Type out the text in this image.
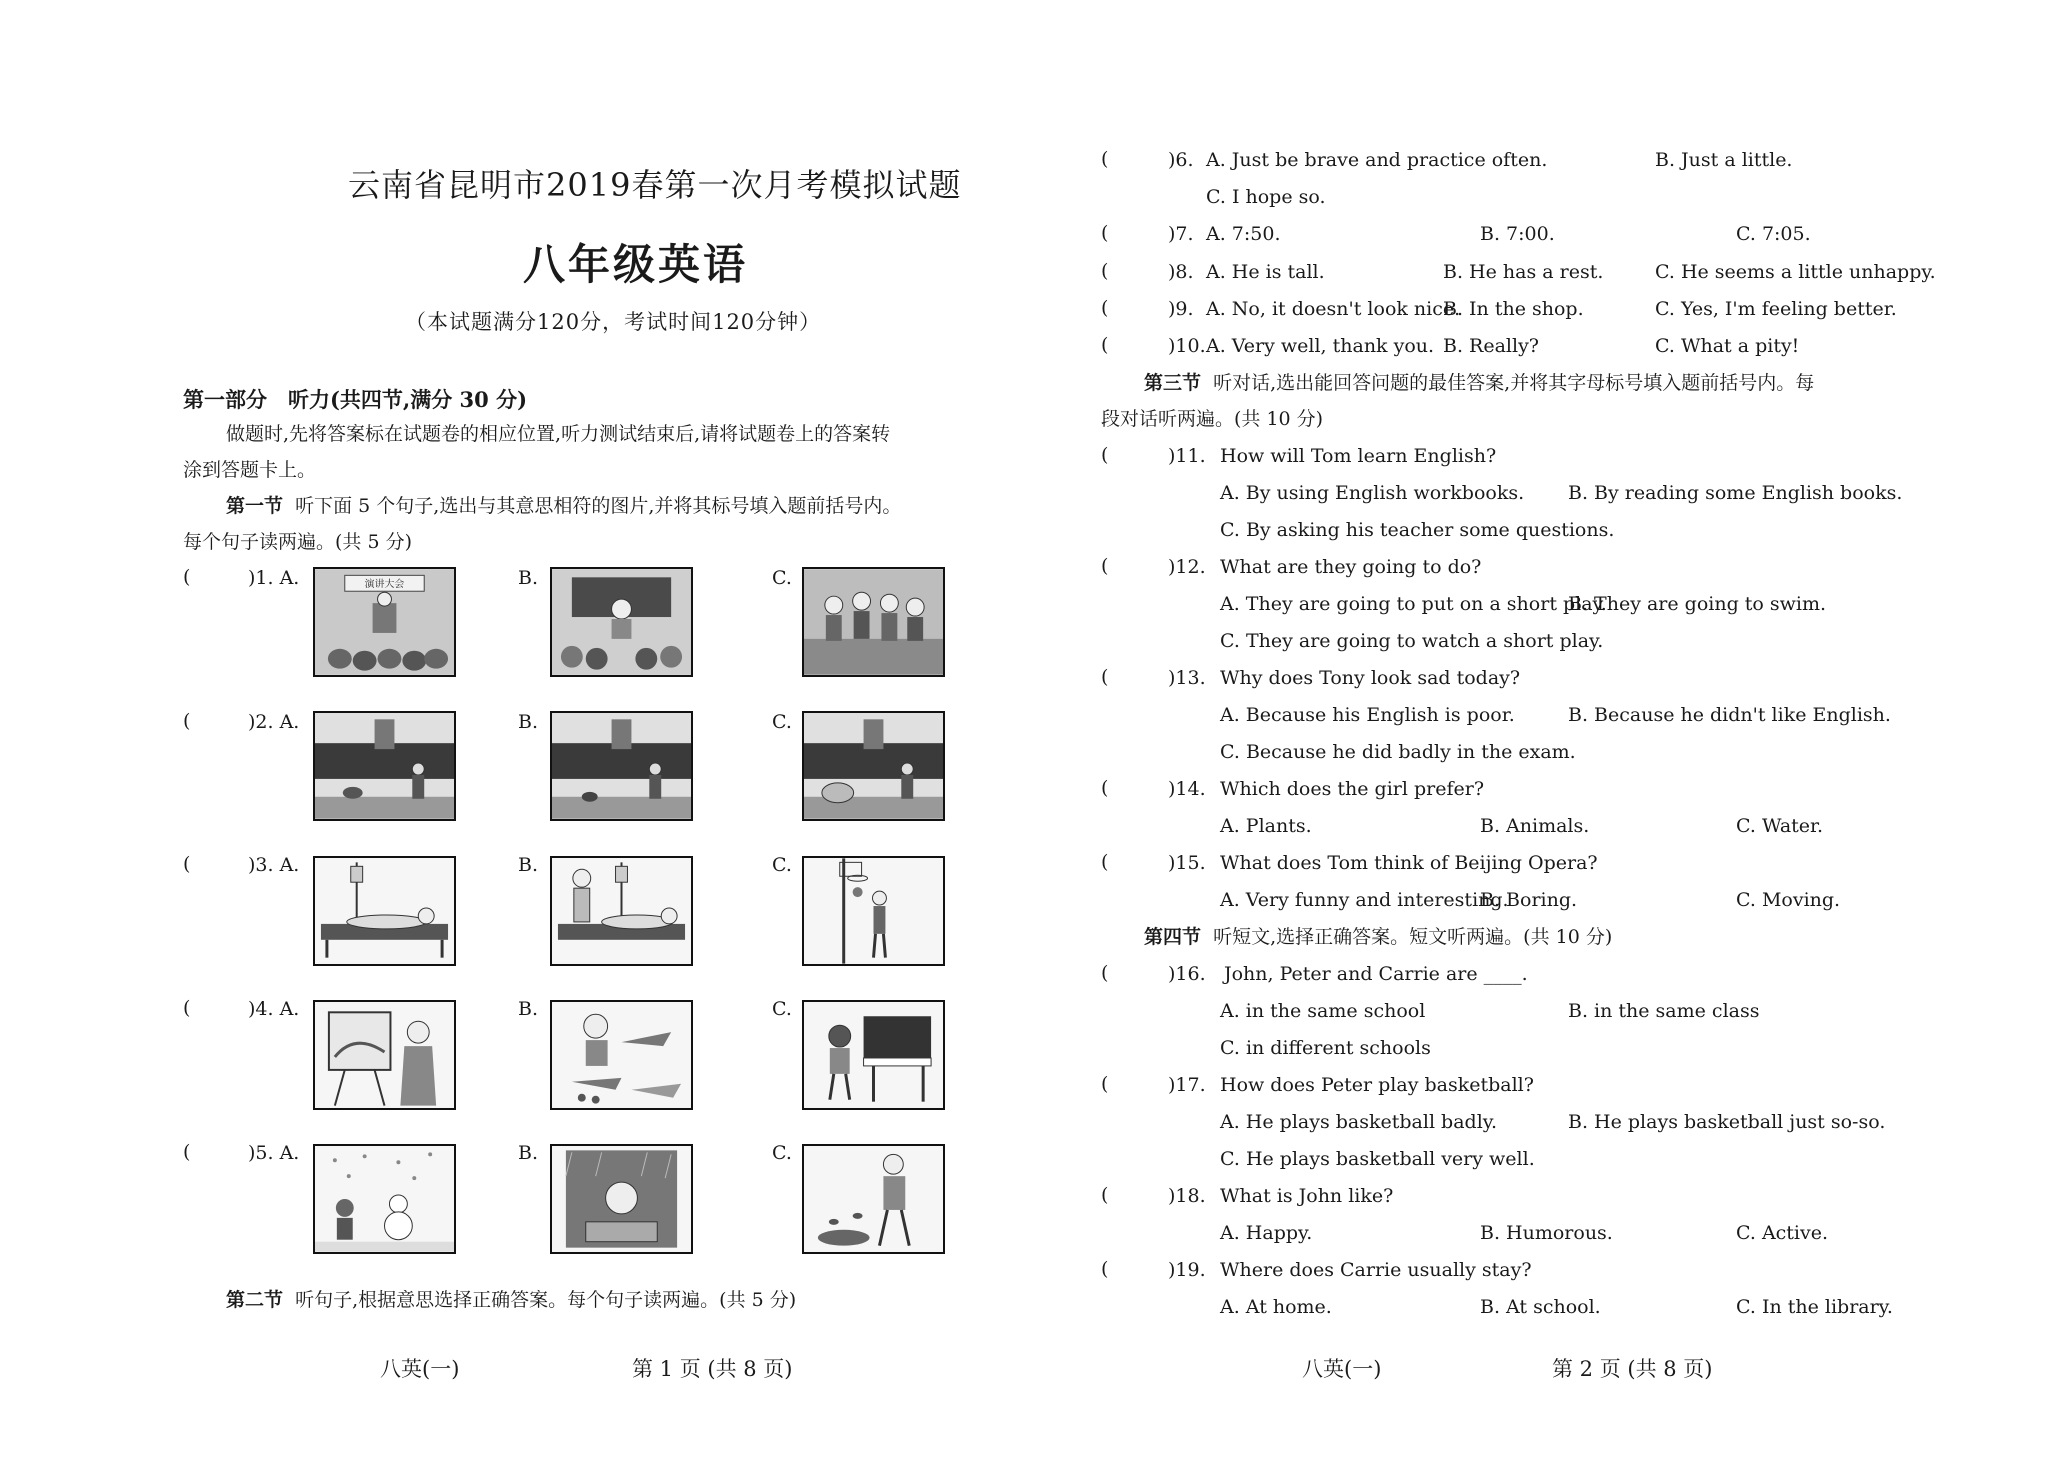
云南省昆明市2019春第一次月考模拟试题
八年级英语
（本试题满分120分，考试时间120分钟）
第一部分　听力(共四节,满分 30 分)
做题时,先将答案标在试题卷的相应位置,听力测试结束后,请将试题卷上的答案转
涂到答题卡上。
第一节 听下面 5 个句子,选出与其意思相符的图片,并将其标号填入题前括号内。
每个句子读两遍。(共 5 分)
(	)1. A.	演讲大会	B.	C.
(	)2. A.	B.	C.
(	)3. A.	B.	C.
(	)4. A.	B.	C.
(	)5. A.	B.	C.
第二节 听句子,根据意思选择正确答案。每个句子读两遍。(共 5 分)
八英(一)	第 1 页 (共 8 页)
(	)6. A. Just be brave and practice often.	B. Just a little.
C. I hope so.
(	)7. A. 7:50.	B. 7:00.	C. 7:05.
(	)8. A. He is tall.	B. He has a rest.	C. He seems a little unhappy.
(	)9. A. No, it doesn't look nice.
B. In the shop.	C. Yes, I'm feeling better.
(	)10. A. Very well, thank you. B. Really?	C. What a pity!
第三节 听对话,选出能回答问题的最佳答案,并将其字母标号填入题前括号内。每
段对话听两遍。(共 10 分)
(	)11. How will Tom learn English?
A. By using English workbooks. B. By reading some English books.
C. By asking his teacher some questions.
(	)12. What are they going to do?
A. They are going to put on a short play.
B. They are going to swim.
C. They are going to watch a short play.
(	)13. Why does Tony look sad today?
A. Because his English is poor.	B. Because he didn't like English.
C. Because he did badly in the exam.
(	)14. Which does the girl prefer?
A. Plants.	B. Animals.	C. Water.
(	)15. What does Tom think of Beijing Opera?
A. Very funny and interesting.
B. Boring.	C. Moving.
第四节 听短文,选择正确答案。短文听两遍。(共 10 分)
(	)16. John, Peter and Carrie are ____.
A. in the same school	B. in the same class
C. in different schools
(	)17. How does Peter play basketball?
A. He plays basketball badly.	B. He plays basketball just so-so.
C. He plays basketball very well.
(	)18. What is John like?
A. Happy.	B. Humorous.	C. Active.
(	)19. Where does Carrie usually stay?
A. At home.	B. At school.	C. In the library.
八英(一)	第 2 页 (共 8 页)
